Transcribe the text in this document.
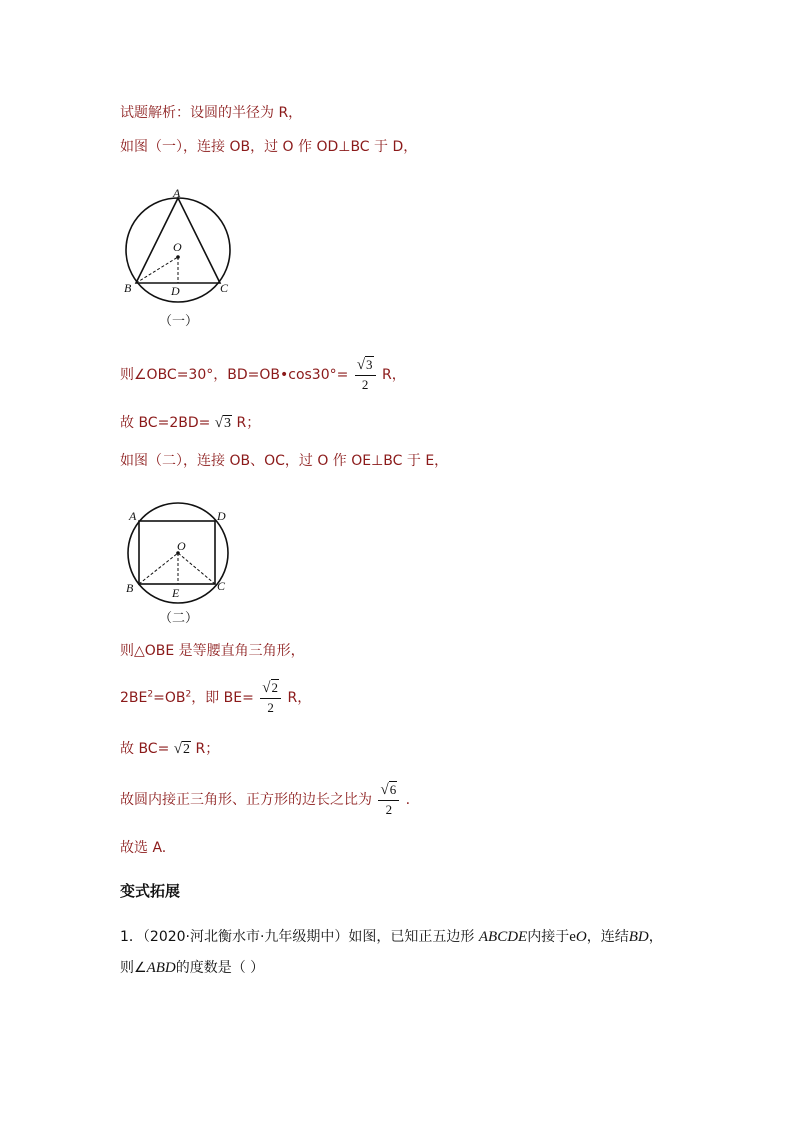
试题解析：设圆的半径为 R，
如图（一），连接 OB，过 O 作 OD⊥BC 于 D，
A
O
B	D	C
（一）
则∠OBC=30°，BD=OB•cos30°= $\frac{√3}{2}$ R，
故 BC=2BD= √3 R；
如图（二），连接 OB、OC，过 O 作 OE⊥BC 于 E，
A	D
O
B	C
E
（二）
则△OBE 是等腰直角三角形，
$2BE^2=OB^2$，即 $BE= \frac{√2}{2}$ R，
故 BC= √2 R；
故圆内接正三角形、正方形的边长之比为 $\frac{√6}{2}$ .
故选 A.
变式拓展
1．（2020·河北衡水市·九年级期中）如图，已知正五边形 ABCDE内接于eO，连结BD，
则∠ABD的度数是（ ）
